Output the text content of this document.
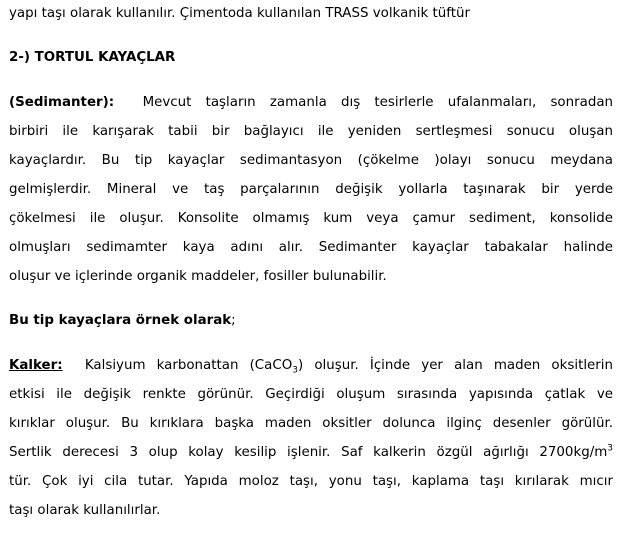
yapı taşı olarak kullanılır. Çimentoda kullanılan TRASS volkanik tüftür
2-) TORTUL KAYAÇLAR
(Sedimanter): Mevcut taşların zamanla dış tesirlerle ufalanmaları, sonradan
birbiri ile karışarak tabii bir bağlayıcı ile yeniden sertleşmesi sonucu oluşan
kayaçlardır. Bu tip kayaçlar sedimantasyon (çökelme )olayı sonucu meydana
gelmişlerdir. Mineral ve taş parçalarının değişik yollarla taşınarak bir yerde
çökelmesi ile oluşur. Konsolite olmamış kum veya çamur sediment, konsolide
olmuşları sedimamter kaya adını alır. Sedimanter kayaçlar tabakalar halinde
oluşur ve içlerinde organik maddeler, fosiller bulunabilir.
Bu tip kayaçlara örnek olarak;
Kalker: Kalsiyum karbonattan (CaCO$_3$) oluşur. İçinde yer alan maden oksitlerin
etkisi ile değişik renkte görünür. Geçirdiği oluşum sırasında yapısında çatlak ve
kırıklar oluşur. Bu kırıklara başka maden oksitler dolunca ilginç desenler görülür.
Sertlik derecesi 3 olup kolay kesilip işlenir. Saf kalkerin özgül ağırlığı $2700kg/m^3$
tür. Çok iyi cila tutar. Yapıda moloz taşı, yonu taşı, kaplama taşı kırılarak mıcır
taşı olarak kullanılırlar.
